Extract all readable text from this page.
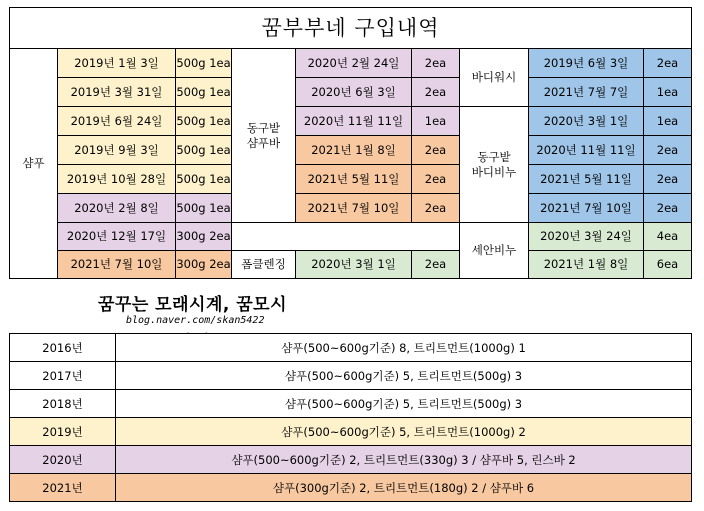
꿈부부네 구입내역
샴푸
2019년 1월 3일	500g 1ea
2019년 3월 31일	500g 1ea
2019년 6월 24일	500g 1ea
2019년 9월 3일	500g 1ea
2019년 10월 28일 500g 1ea
2020년 2월 8일	500g 1ea
2020년 12월 17일 300g 2ea
2021년 7월 10일	300g 2ea
동구밭
샴푸바
2020년 2월 24일	2ea
2020년 6월 3일	2ea
2020년 11월 11일	1ea
2021년 1월 8일	2ea
2021년 5월 11일	2ea
2021년 7월 10일	2ea
폼클렌징	2020년 3월 1일	2ea
바디워시
2019년 6월 3일	2ea
2021년 7월 7일	1ea
동구밭
바디비누
2020년 3월 1일	1ea
2020년 11월 11일	2ea
2021년 5월 11일	2ea
2021년 7월 10일	2ea
세안비누
2020년 3월 24일	4ea
2021년 1월 8일	6ea
꿈꾸는 모래시계, 꿈모시
blog.naver.com/skan5422
2016년	샴푸(500~600g기준) 8, 트리트먼트(1000g) 1
2017년	샴푸(500~600g기준) 5, 트리트먼트(500g) 3
2018년	샴푸(500~600g기준) 5, 트리트먼트(500g) 3
2019년	샴푸(500~600g기준) 5, 트리트먼트(1000g) 2
2020년	샴푸(500~600g기준) 2, 트리트먼트(330g) 3 / 샴푸바 5, 린스바 2
2021년	샴푸(300g기준) 2, 트리트먼트(180g) 2 / 샴푸바 6
